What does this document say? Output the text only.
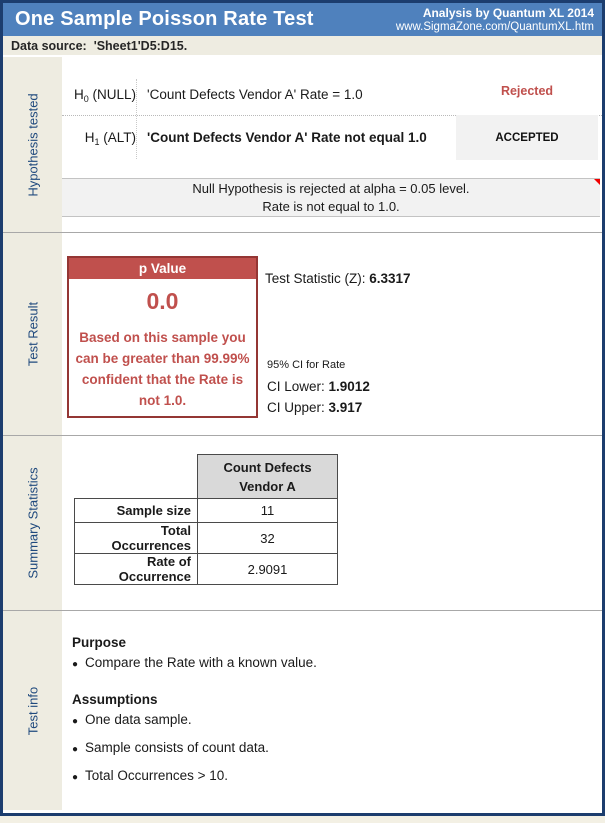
One Sample Poisson Rate Test	Analysis by Quantum XL 2014
www.SigmaZone.com/QuantumXL.htm
Data source: 'Sheet1'D5:D15.
Hypothesis tested	$H_0$ (NULL) 'Count Defects Vendor A' Rate = 1.0	Rejected
$H_1$ (ALT) 'Count Defects Vendor A' Rate not equal 1.0	ACCEPTED
Null Hypothesis is rejected at alpha = 0.05 level.
Rate is not equal to 1.0.
Test Result
p Value
0.0
Based on this sample you can be greater than 99.99% confident that the Rate is not 1.0.
Test Statistic (Z): 6.3317
95% CI for Rate
CI Lower: 1.9012
CI Upper: 3.917
Summary Statistics

	Count Defects
Vendor A

Sample size	11
Total Occurrences	32
Rate of Occurrence	2.9091
Test info
Purpose
● Compare the Rate with a known value.
Assumptions
● One data sample.
● Sample consists of count data.
● Total Occurrences > 10.
